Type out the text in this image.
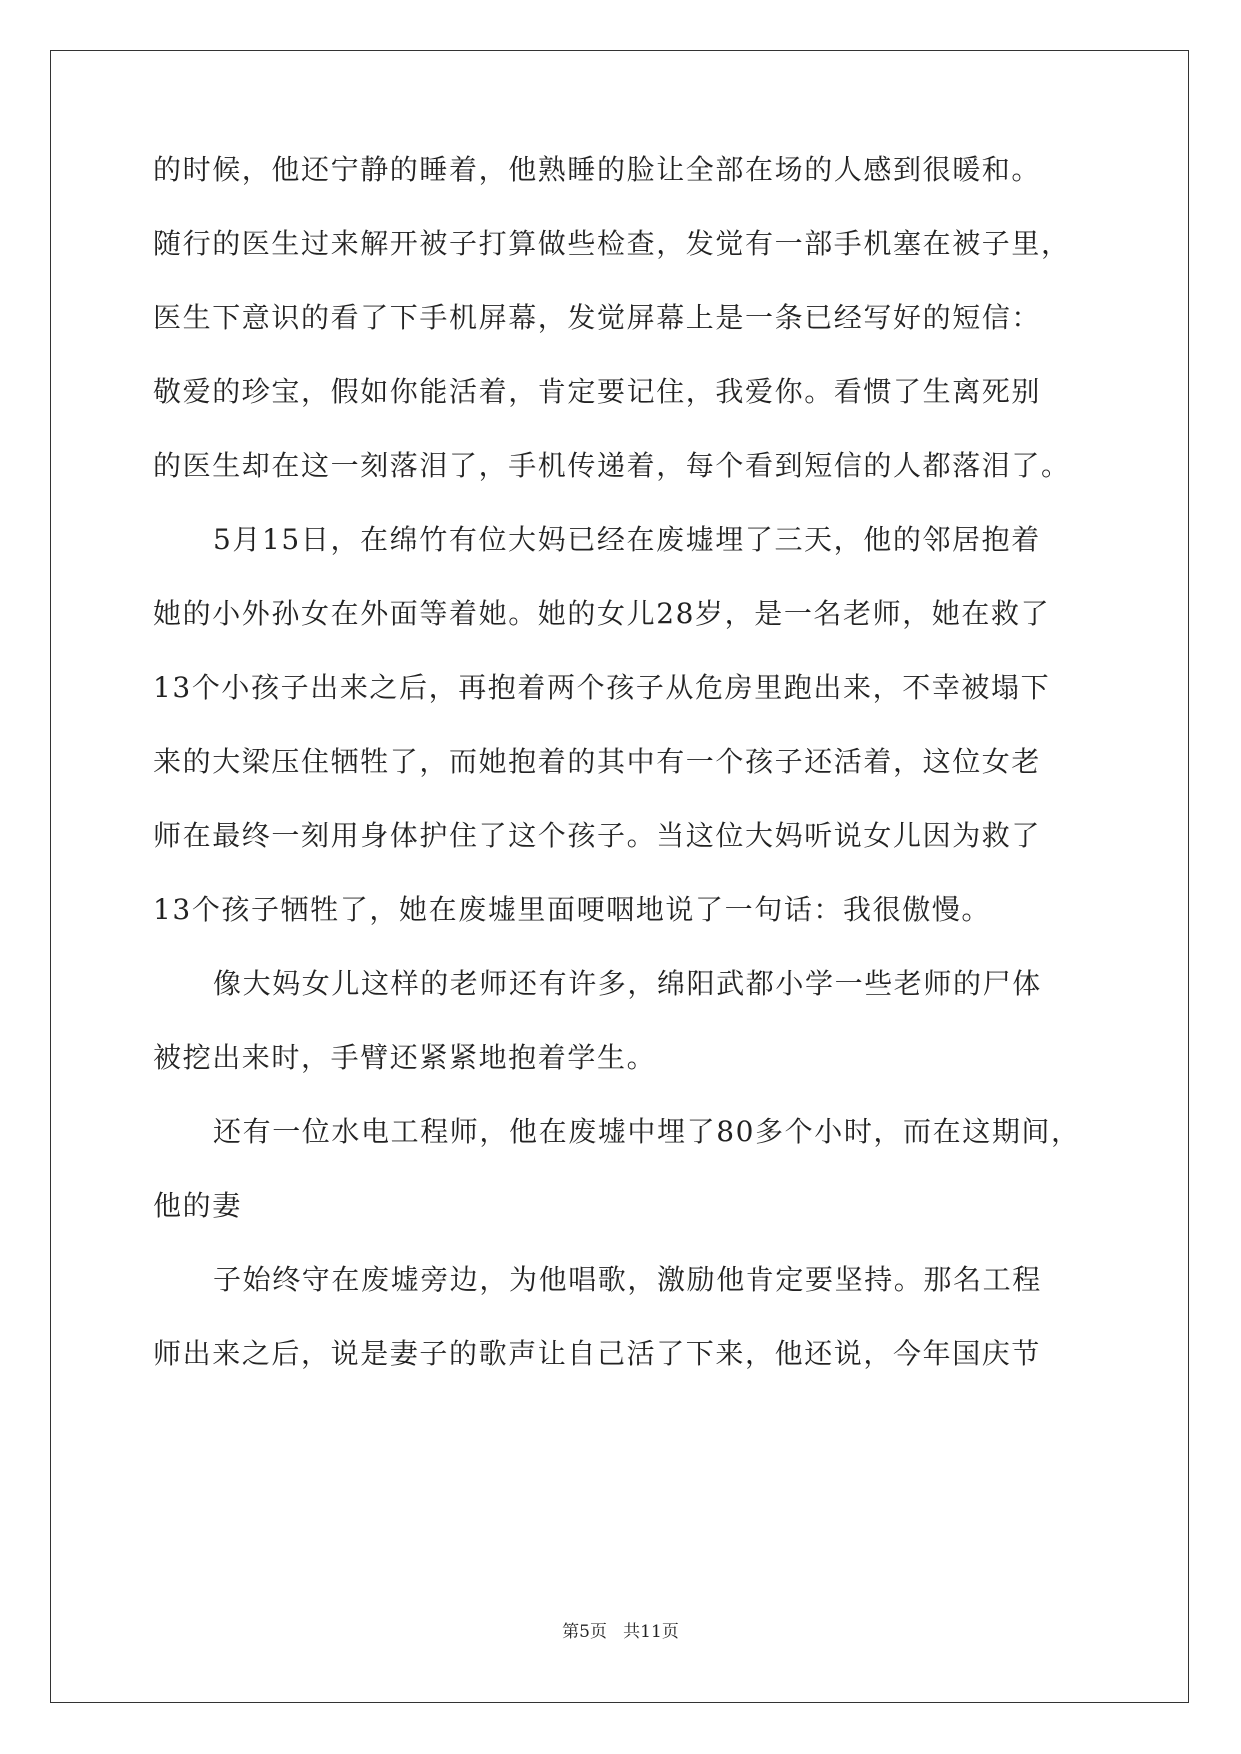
的时候，他还宁静的睡着，他熟睡的脸让全部在场的人感到很暖和。
随行的医生过来解开被子打算做些检查，发觉有一部手机塞在被子里，
医生下意识的看了下手机屏幕，发觉屏幕上是一条已经写好的短信：
敬爱的珍宝，假如你能活着，肯定要记住，我爱你。看惯了生离死别
的医生却在这一刻落泪了，手机传递着，每个看到短信的人都落泪了。
5月15日，在绵竹有位大妈已经在废墟埋了三天，他的邻居抱着
她的小外孙女在外面等着她。她的女儿28岁，是一名老师，她在救了
13个小孩子出来之后，再抱着两个孩子从危房里跑出来，不幸被塌下
来的大梁压住牺牲了，而她抱着的其中有一个孩子还活着，这位女老
师在最终一刻用身体护住了这个孩子。当这位大妈听说女儿因为救了
13个孩子牺牲了，她在废墟里面哽咽地说了一句话：我很傲慢。
像大妈女儿这样的老师还有许多，绵阳武都小学一些老师的尸体
被挖出来时，手臂还紧紧地抱着学生。
还有一位水电工程师，他在废墟中埋了80多个小时，而在这期间，
他的妻
子始终守在废墟旁边，为他唱歌，激励他肯定要坚持。那名工程
师出来之后，说是妻子的歌声让自己活了下来，他还说，今年国庆节
第5页   共11页
